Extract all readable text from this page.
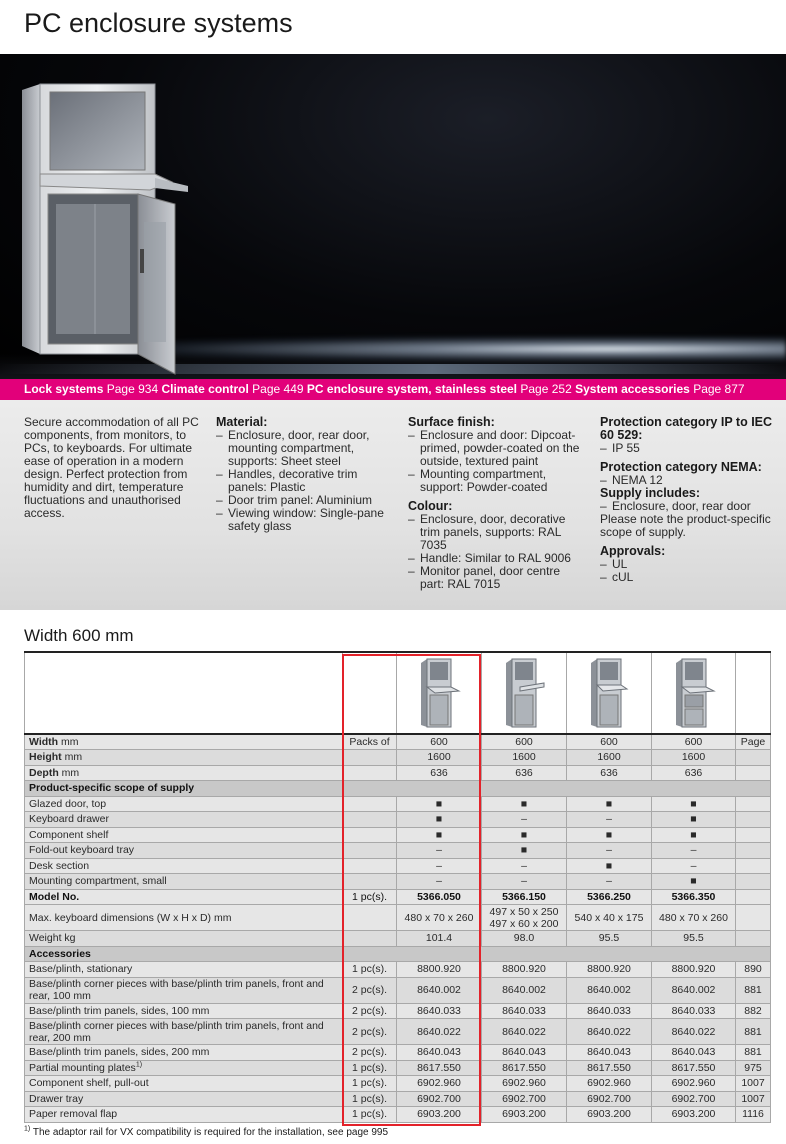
PC enclosure systems
Lock systems Page 934 Climate control Page 449 PC enclosure system, stainless steel Page 252 System accessories Page 877

Secure accommodation of all PC components, from monitors, to PCs, to keyboards. For ultimate ease of operation in a modern design. Perfect protection from humidity and dirt, temperature fluctuations and unauthorised access.

Material:
– Enclosure, door, rear door, mounting compartment, supports: Sheet steel
– Handles, decorative trim panels: Plastic
– Door trim panel: Aluminium
– Viewing window: Single-pane safety glass
Surface finish:
– Enclosure and door: Dipcoat-primed, powder-coated on the outside, textured paint
– Mounting compartment, support: Powder-coated
Colour:
– Enclosure, door, decorative trim panels, supports: RAL 7035
– Handle: Similar to RAL 9006
– Monitor panel, door centre part: RAL 7015
Protection category IP to IEC 60 529:
– IP 55
Protection category NEMA:
– NEMA 12
Supply includes:
– Enclosure, door, rear door

Please note the product-specific scope of supply.

Approvals:
– UL
– cUL
Width 600 mm

Width mm	Packs of	600	600	600	600	Page
Height mm		1600	1600	1600	1600	
Depth mm		636	636	636	636	
Product-specific scope of supply						
Glazed door, top		■	■	■	■	
Keyboard drawer		■	–	–	■	
Component shelf		■	■	■	■	
Fold-out keyboard tray		–	■	–	–	
Desk section		–	–	■	–	
Mounting compartment, small		–	–	–	■	
Model No.	1 pc(s).	5366.050	5366.150	5366.250	5366.350	
Max. keyboard dimensions (W x H x D) mm		480 x 70 x 260	497 x 50 x 250
497 x 60 x 200	540 x 40 x 175	480 x 70 x 260	
Weight kg		101.4	98.0	95.5	95.5	
Accessories						
Base/plinth, stationary	1 pc(s).	8800.920	8800.920	8800.920	8800.920	890
Base/plinth corner pieces with base/plinth trim panels, front and rear, 100 mm	2 pc(s).	8640.002	8640.002	8640.002	8640.002	881
Base/plinth trim panels, sides, 100 mm	2 pc(s).	8640.033	8640.033	8640.033	8640.033	882
Base/plinth corner pieces with base/plinth trim panels, front and rear, 200 mm	2 pc(s).	8640.022	8640.022	8640.022	8640.022	881
Base/plinth trim panels, sides, 200 mm	2 pc(s).	8640.043	8640.043	8640.043	8640.043	881
Partial mounting plates$^{1)}$	1 pc(s).	8617.550	8617.550	8617.550	8617.550	975
Component shelf, pull-out	1 pc(s).	6902.960	6902.960	6902.960	6902.960	1007
Drawer tray	1 pc(s).	6902.700	6902.700	6902.700	6902.700	1007
Paper removal flap	1 pc(s).	6903.200	6903.200	6903.200	6903.200	1116
$^{1)}$ The adaptor rail for VX compatibility is required for the installation, see page 995
